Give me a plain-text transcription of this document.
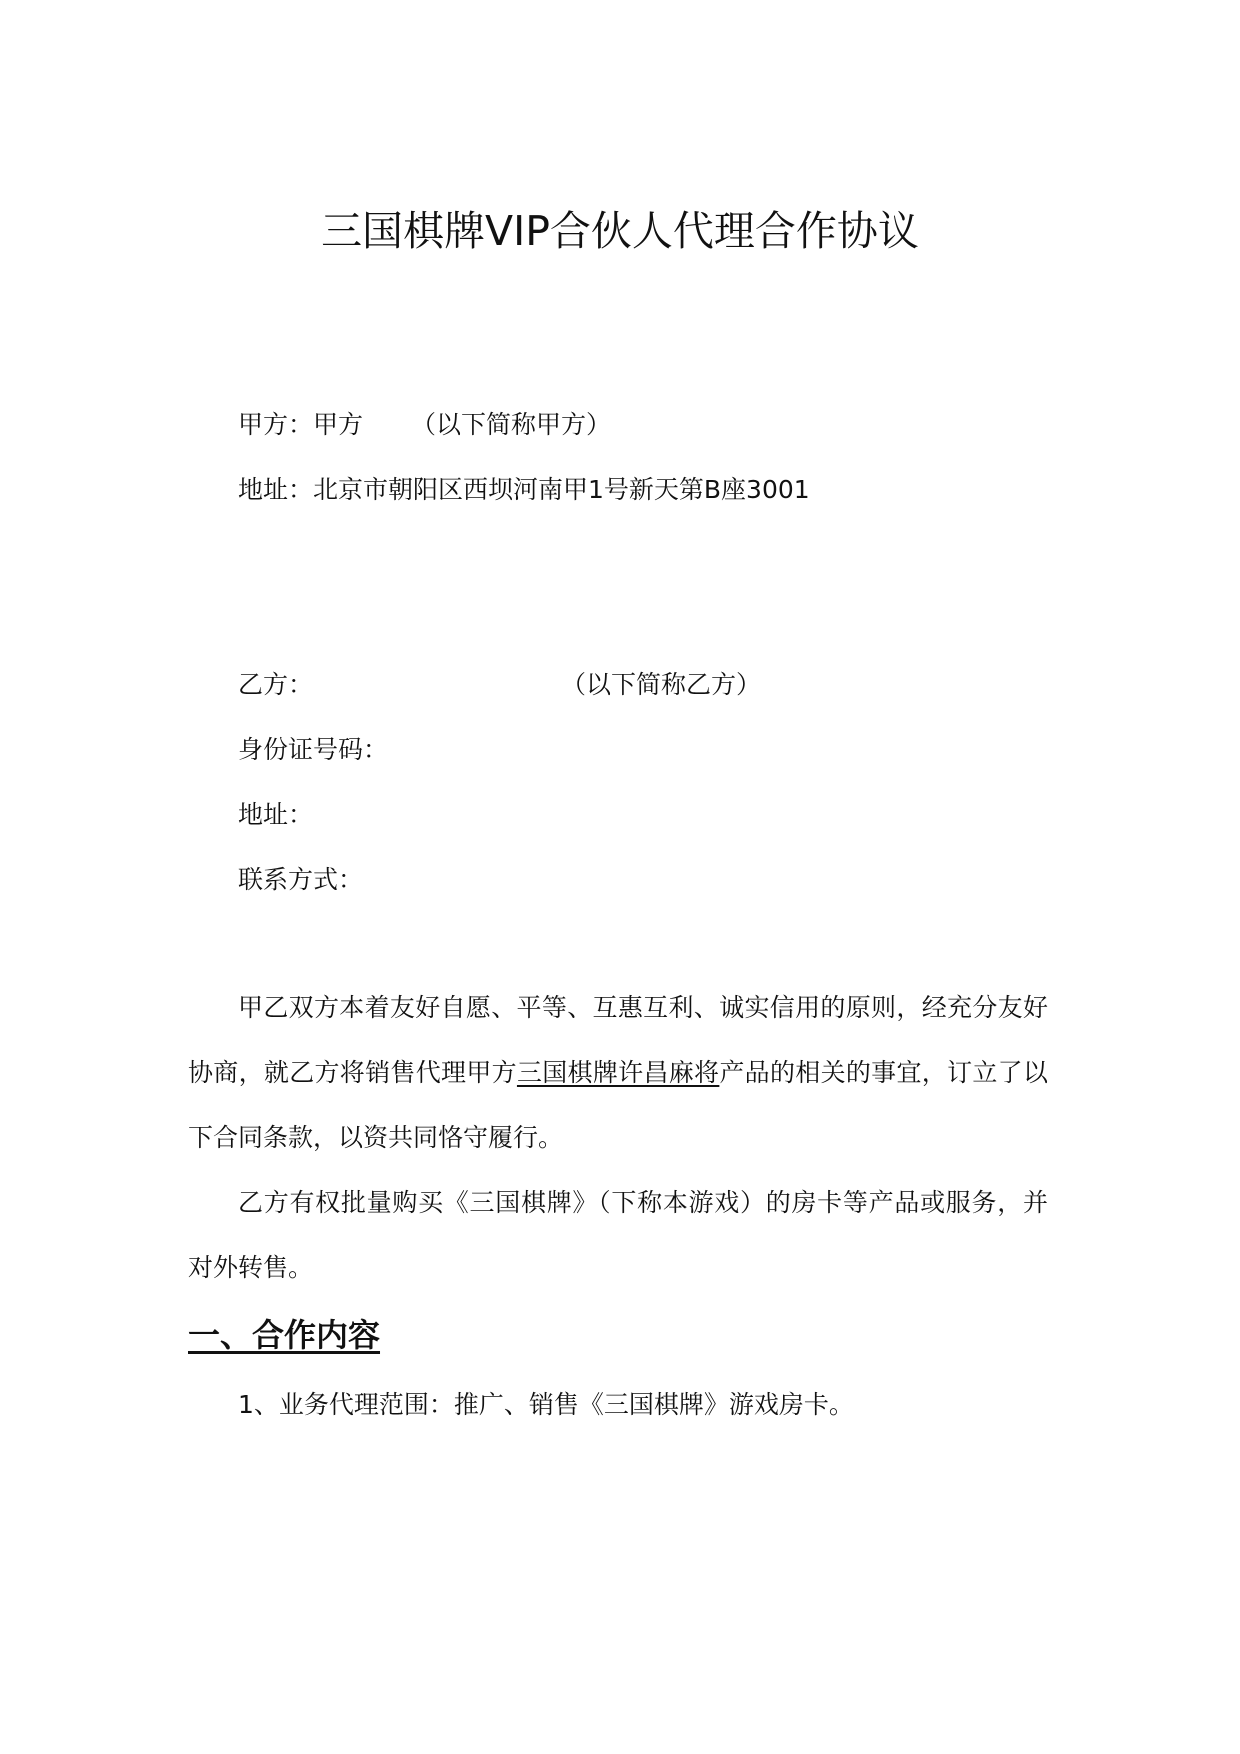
三国棋牌VIP合伙人代理合作协议
甲方：甲方 （以下简称甲方）
地址：北京市朝阳区西坝河南甲1号新天第B座3001
乙方：	（以下简称乙方）
身份证号码：
地址：
联系方式：
甲乙双方本着友好自愿、平等、互惠互利、诚实信用的原则，经充分友好协商，就乙方将销售代理甲方三国棋牌许昌麻将产品的相关的事宜，订立了以下合同条款，以资共同恪守履行。
乙方有权批量购买《三国棋牌》（下称本游戏）的房卡等产品或服务，并对外转售。
一、合作内容
1、业务代理范围：推广、销售《三国棋牌》游戏房卡。
